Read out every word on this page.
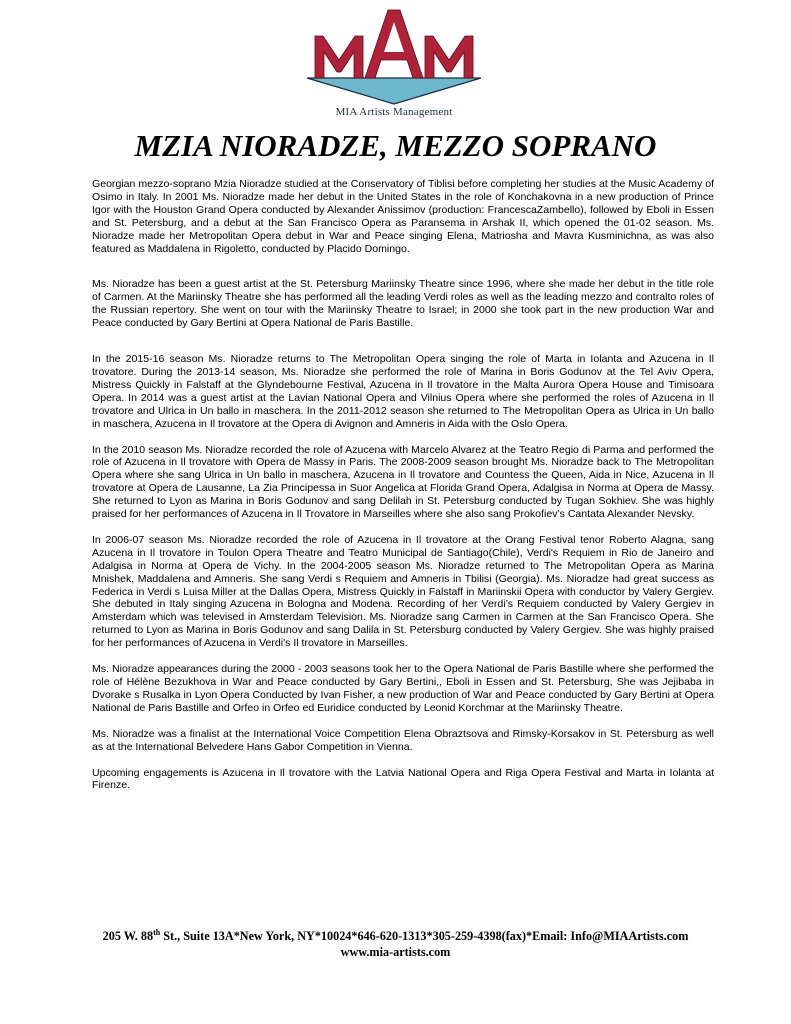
MIA Artists Management
MZIA NIORADZE, MEZZO SOPRANO

Georgian mezzo-soprano Mzia Nioradze studied at the Conservatory of Tiblisi before completing her studies at the Music Academy of Osimo in Italy. In 2001 Ms. Nioradze made her debut in the United States in the role of Konchakovna in a new production of Prince Igor with the Houston Grand Opera conducted by Alexander Anissimov (production: FrancescaZambello), followed by Eboli in Essen and St. Petersburg, and a debut at the San Francisco Opera as Paransema in Arshak II, which opened the 01-02 season. Ms. Nioradze made her Metropolitan Opera debut in War and Peace singing Elena, Matriosha and Mavra Kusminichna, as was also featured as Maddalena in Rigoletto, conducted by Placido Domingo.

Ms. Nioradze has been a guest artist at the St. Petersburg Mariinsky Theatre since 1996, where she made her debut in the title role of Carmen. At the Mariinsky Theatre she has performed all the leading Verdi roles as well as the leading mezzo and contralto roles of the Russian repertory. She went on tour with the Mariinsky Theatre to Israel; in 2000 she took part in the new production War and Peace conducted by Gary Bertini at Opera National de Paris Bastille.

In the 2015-16 season Ms. Nioradze returns to The Metropolitan Opera singing the role of Marta in Iolanta and Azucena in Il trovatore. During the 2013-14 season, Ms. Nioradze she performed the role of Marina in Boris Godunov at the Tel Aviv Opera, Mistress Quickly in Falstaff at the Glyndebourne Festival, Azucena in Il trovatore in the Malta Aurora Opera House and Timisoara Opera. In 2014 was a guest artist at the Lavian National Opera and Vilnius Opera where she performed the roles of Azucena in Il trovatore and Ulrica in Un ballo in maschera. In the 2011-2012 season she returned to The Metropolitan Opera as Ulrica in Un ballo in maschera, Azucena in Il trovatore at the Opera di Avignon and Amneris in Aida with the Oslo Opera.

In the 2010 season Ms. Nioradze recorded the role of Azucena with Marcelo Alvarez at the Teatro Regio di Parma and performed the role of Azucena in Il trovatore with Opera de Massy in Paris. The 2008-2009 season brought Ms. Nioradze back to The Metropolitan Opera where she sang Ulrica in Un ballo in maschera, Azucena in Il trovatore and Countess the Queen, Aida in Nice, Azucena in Il trovatore at Opera de Lausanne, La Zia Principessa in Suor Angelica at Florida Grand Opera, Adalgisa in Norma at Opera de Massy. She returned to Lyon as Marina in Boris Godunov and sang Delilah in St. Petersburg conducted by Tugan Sokhiev. She was highly praised for her performances of Azucena in Il Trovatore in Marseilles where she also sang Prokofiev’s Cantata Alexander Nevsky.

In 2006-07 season Ms. Nioradze recorded the role of Azucena in Il trovatore at the Orang Festival tenor Roberto Alagna, sang Azucena in Il trovatore in Toulon Opera Theatre and Teatro Municipal de Santiago(Chile), Verdi's Requiem in Rio de Janeiro and Adalgisa in Norma at Opera de Vichy. In the 2004-2005 season Ms. Nioradze returned to The Metropolitan Opera as Marina Mnishek, Maddalena and Amneris. She sang Verdi s Requiem and Amneris in Tbilisi (Georgia). Ms. Nioradze had great success as Federica in Verdi s Luisa Miller at the Dallas Opera, Mistress Quickly in Falstaff in Mariinskii Opera with conductor by Valery Gergiev. She debuted in Italy singing Azucena in Bologna and Modena. Recording of her Verdi’s Requiem conducted by Valery Gergiev in Amsterdam which was televised in Amsterdam Television. Ms. Nioradze sang Carmen in Carmen at the San Francisco Opera. She returned to Lyon as Marina in Boris Godunov and sang Dalila in St. Petersburg conducted by Valery Gergiev. She was highly praised for her performances of Azucena in Verdi's Il trovatore in Marseilles.

Ms. Nioradze appearances during the 2000 - 2003 seasons took her to the Opera National de Paris Bastille where she performed the role of Hélène Bezukhova in War and Peace conducted by Gary Bertini,, Eboli in Essen and St. Petersburg, She was Jejibaba in Dvorake s Rusalka in Lyon Opera Conducted by Ivan Fisher, a new production of War and Peace conducted by Gary Bertini at Opera National de Paris Bastille and Orfeo in Orfeo ed Euridice conducted by Leonid Korchmar at the Mariinsky Theatre.

Ms. Nioradze was a finalist at the International Voice Competition Elena Obraztsova and Rimsky-Korsakov in St. Petersburg as well as at the International Belvedere Hans Gabor Competition in Vienna.

Upcoming engagements is Azucena in Il trovatore with the Latvia National Opera and Riga Opera Festival and Marta in Iolanta at Firenze.

205 W. 88th St., Suite 13A*New York, NY*10024*646-620-1313*305-259-4398(fax)*Email: Info@MIAArtists.com
www.mia-artists.com
